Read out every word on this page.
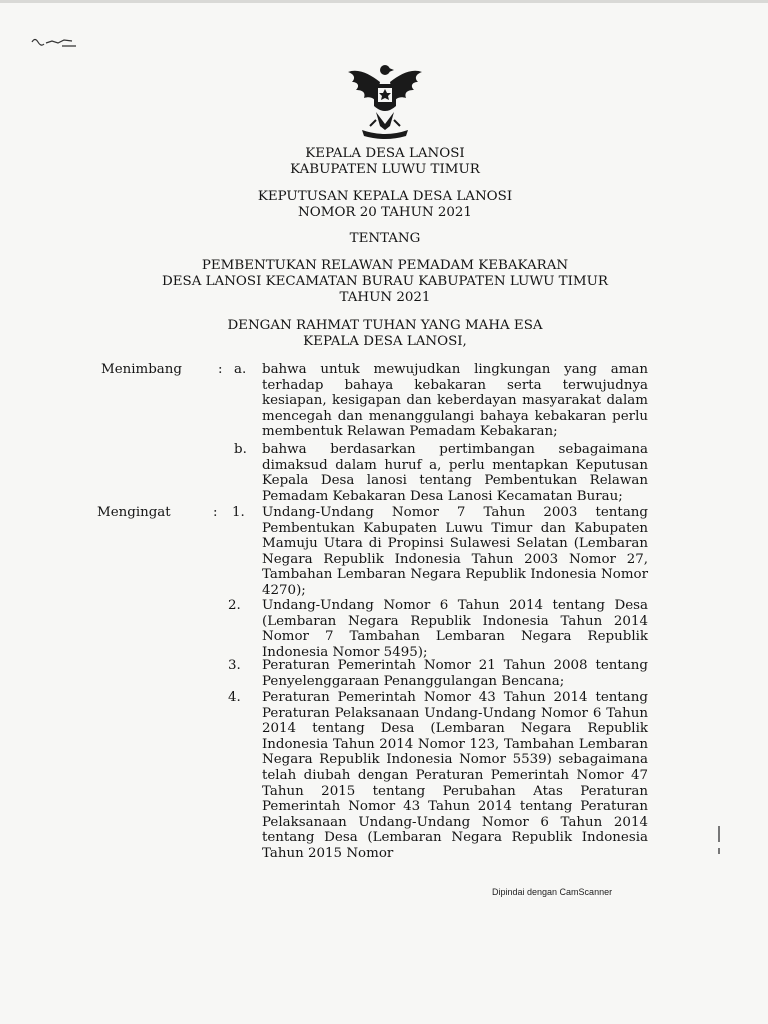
KEPALA DESA LANOSI
KABUPATEN LUWU TIMUR
KEPUTUSAN KEPALA DESA LANOSI
NOMOR 20 TAHUN 2021
TENTANG
PEMBENTUKAN RELAWAN PEMADAM KEBAKARAN
DESA LANOSI KECAMATAN BURAU KABUPATEN LUWU TIMUR
TAHUN 2021
DENGAN RAHMAT TUHAN YANG MAHA ESA
KEPALA DESA LANOSI,
Menimbang	: a. bahwa untuk mewujudkan lingkungan yang aman terhadap bahaya kebakaran serta terwujudnya kesiapan, kesigapan dan keberdayan masyarakat dalam mencegah dan menanggulangi bahaya kebakaran perlu membentuk Relawan Pemadam Kebakaran;
b. bahwa berdasarkan pertimbangan sebagaimana dimaksud dalam huruf a, perlu mentapkan Keputusan Kepala Desa lanosi tentang Pembentukan Relawan Pemadam Kebakaran Desa Lanosi Kecamatan Burau;
Mengingat	: 1. Undang-Undang Nomor 7 Tahun 2003 tentang Pembentukan Kabupaten Luwu Timur dan Kabupaten Mamuju Utara di Propinsi Sulawesi Selatan (Lembaran Negara Republik Indonesia Tahun 2003 Nomor 27, Tambahan Lembaran Negara Republik Indonesia Nomor 4270);
2. Undang-Undang Nomor 6 Tahun 2014 tentang Desa (Lembaran Negara Republik Indonesia Tahun 2014 Nomor 7 Tambahan Lembaran Negara Republik Indonesia Nomor 5495);
3. Peraturan Pemerintah Nomor 21 Tahun 2008 tentang Penyelenggaraan Penanggulangan Bencana;
4. Peraturan Pemerintah Nomor 43 Tahun 2014 tentang Peraturan Pelaksanaan Undang-Undang Nomor 6 Tahun 2014 tentang Desa (Lembaran Negara Republik Indonesia Tahun 2014 Nomor 123, Tambahan Lembaran Negara Republik Indonesia Nomor 5539) sebagaimana telah diubah dengan Peraturan Pemerintah Nomor 47 Tahun 2015 tentang Perubahan Atas Peraturan Pemerintah Nomor 43 Tahun 2014 tentang Peraturan Pelaksanaan Undang-Undang Nomor 6 Tahun 2014 tentang Desa (Lembaran Negara Republik Indonesia Tahun 2015 Nomor
Dipindai dengan CamScanner
